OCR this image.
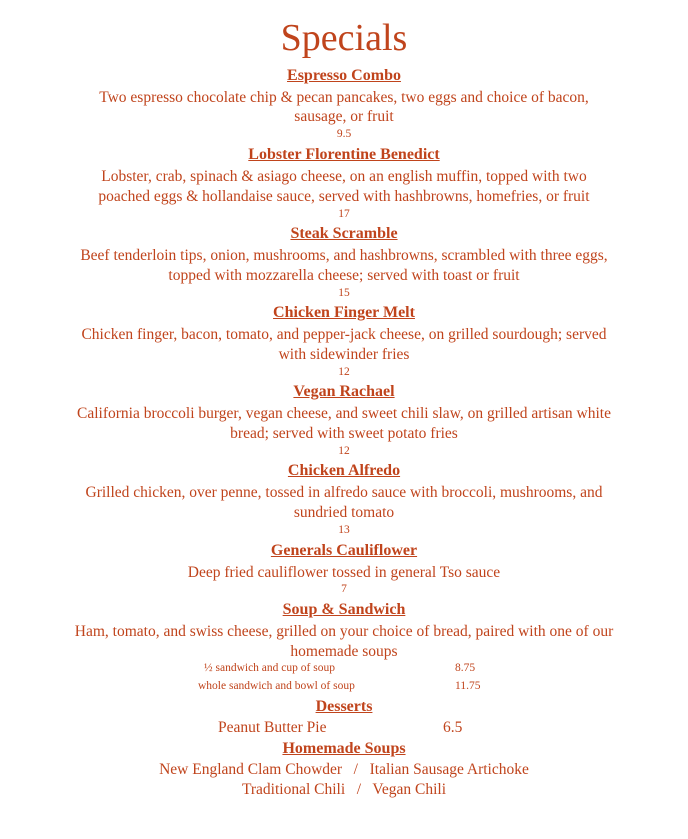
Specials
Espresso Combo
Two espresso chocolate chip & pecan pancakes, two eggs and choice of bacon,
sausage, or fruit
9.5
Lobster Florentine Benedict
Lobster, crab, spinach & asiago cheese, on an english muffin, topped with two
poached eggs & hollandaise sauce, served with hashbrowns, homefries, or fruit
17
Steak Scramble
Beef tenderloin tips, onion, mushrooms, and hashbrowns, scrambled with three eggs,
topped with mozzarella cheese; served with toast or fruit
15
Chicken Finger Melt
Chicken finger, bacon, tomato, and pepper-jack cheese, on grilled sourdough; served
with sidewinder fries
12
Vegan Rachael
California broccoli burger, vegan cheese, and sweet chili slaw, on grilled artisan white
bread; served with sweet potato fries
12
Chicken Alfredo
Grilled chicken, over penne, tossed in alfredo sauce with broccoli, mushrooms, and
sundried tomato
13
Generals Cauliflower
Deep fried cauliflower tossed in general Tso sauce
7
Soup & Sandwich
Ham, tomato, and swiss cheese, grilled on your choice of bread, paired with one of our
homemade soups
½ sandwich and cup of soup	8.75
whole sandwich and bowl of soup	11.75
Desserts
Peanut Butter Pie	6.5
Homemade Soups
New England Clam Chowder   /   Italian Sausage Artichoke
Traditional Chili   /   Vegan Chili
